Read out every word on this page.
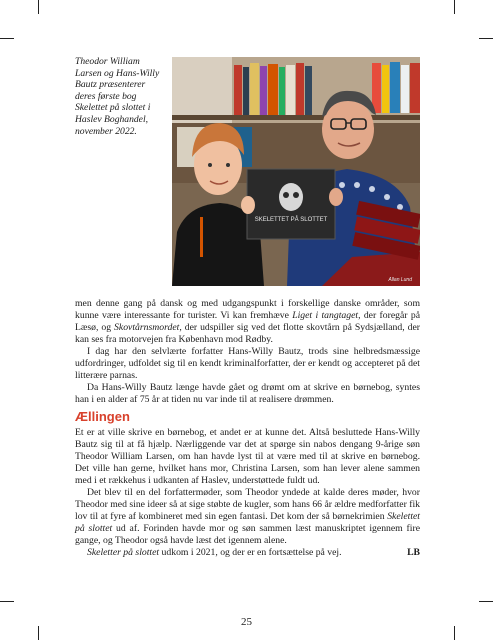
Theodor William Larsen og Hans-Willy Bautz præsenterer deres første bog Skelettet på slottet i Haslev Boghandel, november 2022.
SKELETTET PÅ SLOTTET
Allan Lund

men denne gang på dansk og med udgangspunkt i forskellige danske områder, som kunne være interessante for turister. Vi kan fremhæve Liget i tangtaget, der foregår på Læsø, og Skovtårnsmordet, der udspiller sig ved det flotte skovtårn på Sydsjælland, der kan ses fra motorvejen fra København mod Rødby.

I dag har den selvlærte forfatter Hans-Willy Bautz, trods sine helbredsmæssige udfordringer, udfoldet sig til en kendt kriminalforfatter, der er kendt og accepteret på det litterære parnas.

Da Hans-Willy Bautz længe havde gået og drømt om at skrive en børnebog, syntes han i en alder af 75 år at tiden nu var inde til at realisere drømmen.

Ællingen

Et er at ville skrive en børnebog, et andet er at kunne det. Altså besluttede Hans-Willy Bautz sig til at få hjælp. Nærliggende var det at spørge sin nabos dengang 9-årige søn Theodor William Larsen, om han havde lyst til at være med til at skrive en børnebog. Det ville han gerne, hvilket hans mor, Christina Larsen, som han lever alene sammen med i et rækkehus i udkanten af Haslev, understøttede fuldt ud.

Det blev til en del forfattermøder, som Theodor yndede at kalde deres møder, hvor Theodor med sine ideer så at sige støbte de kugler, som hans 66 år ældre medforfatter fik lov til at fyre af kombineret med sin egen fantasi. Det kom der så børnekrimien Skelettet på slottet ud af. Forinden havde mor og søn sammen læst manuskriptet igennem fire gange, og Theodor også havde læst det igennem alene.

Skeletter på slottet udkom i 2021, og der er en fortsættelse på vej.	LB

25
